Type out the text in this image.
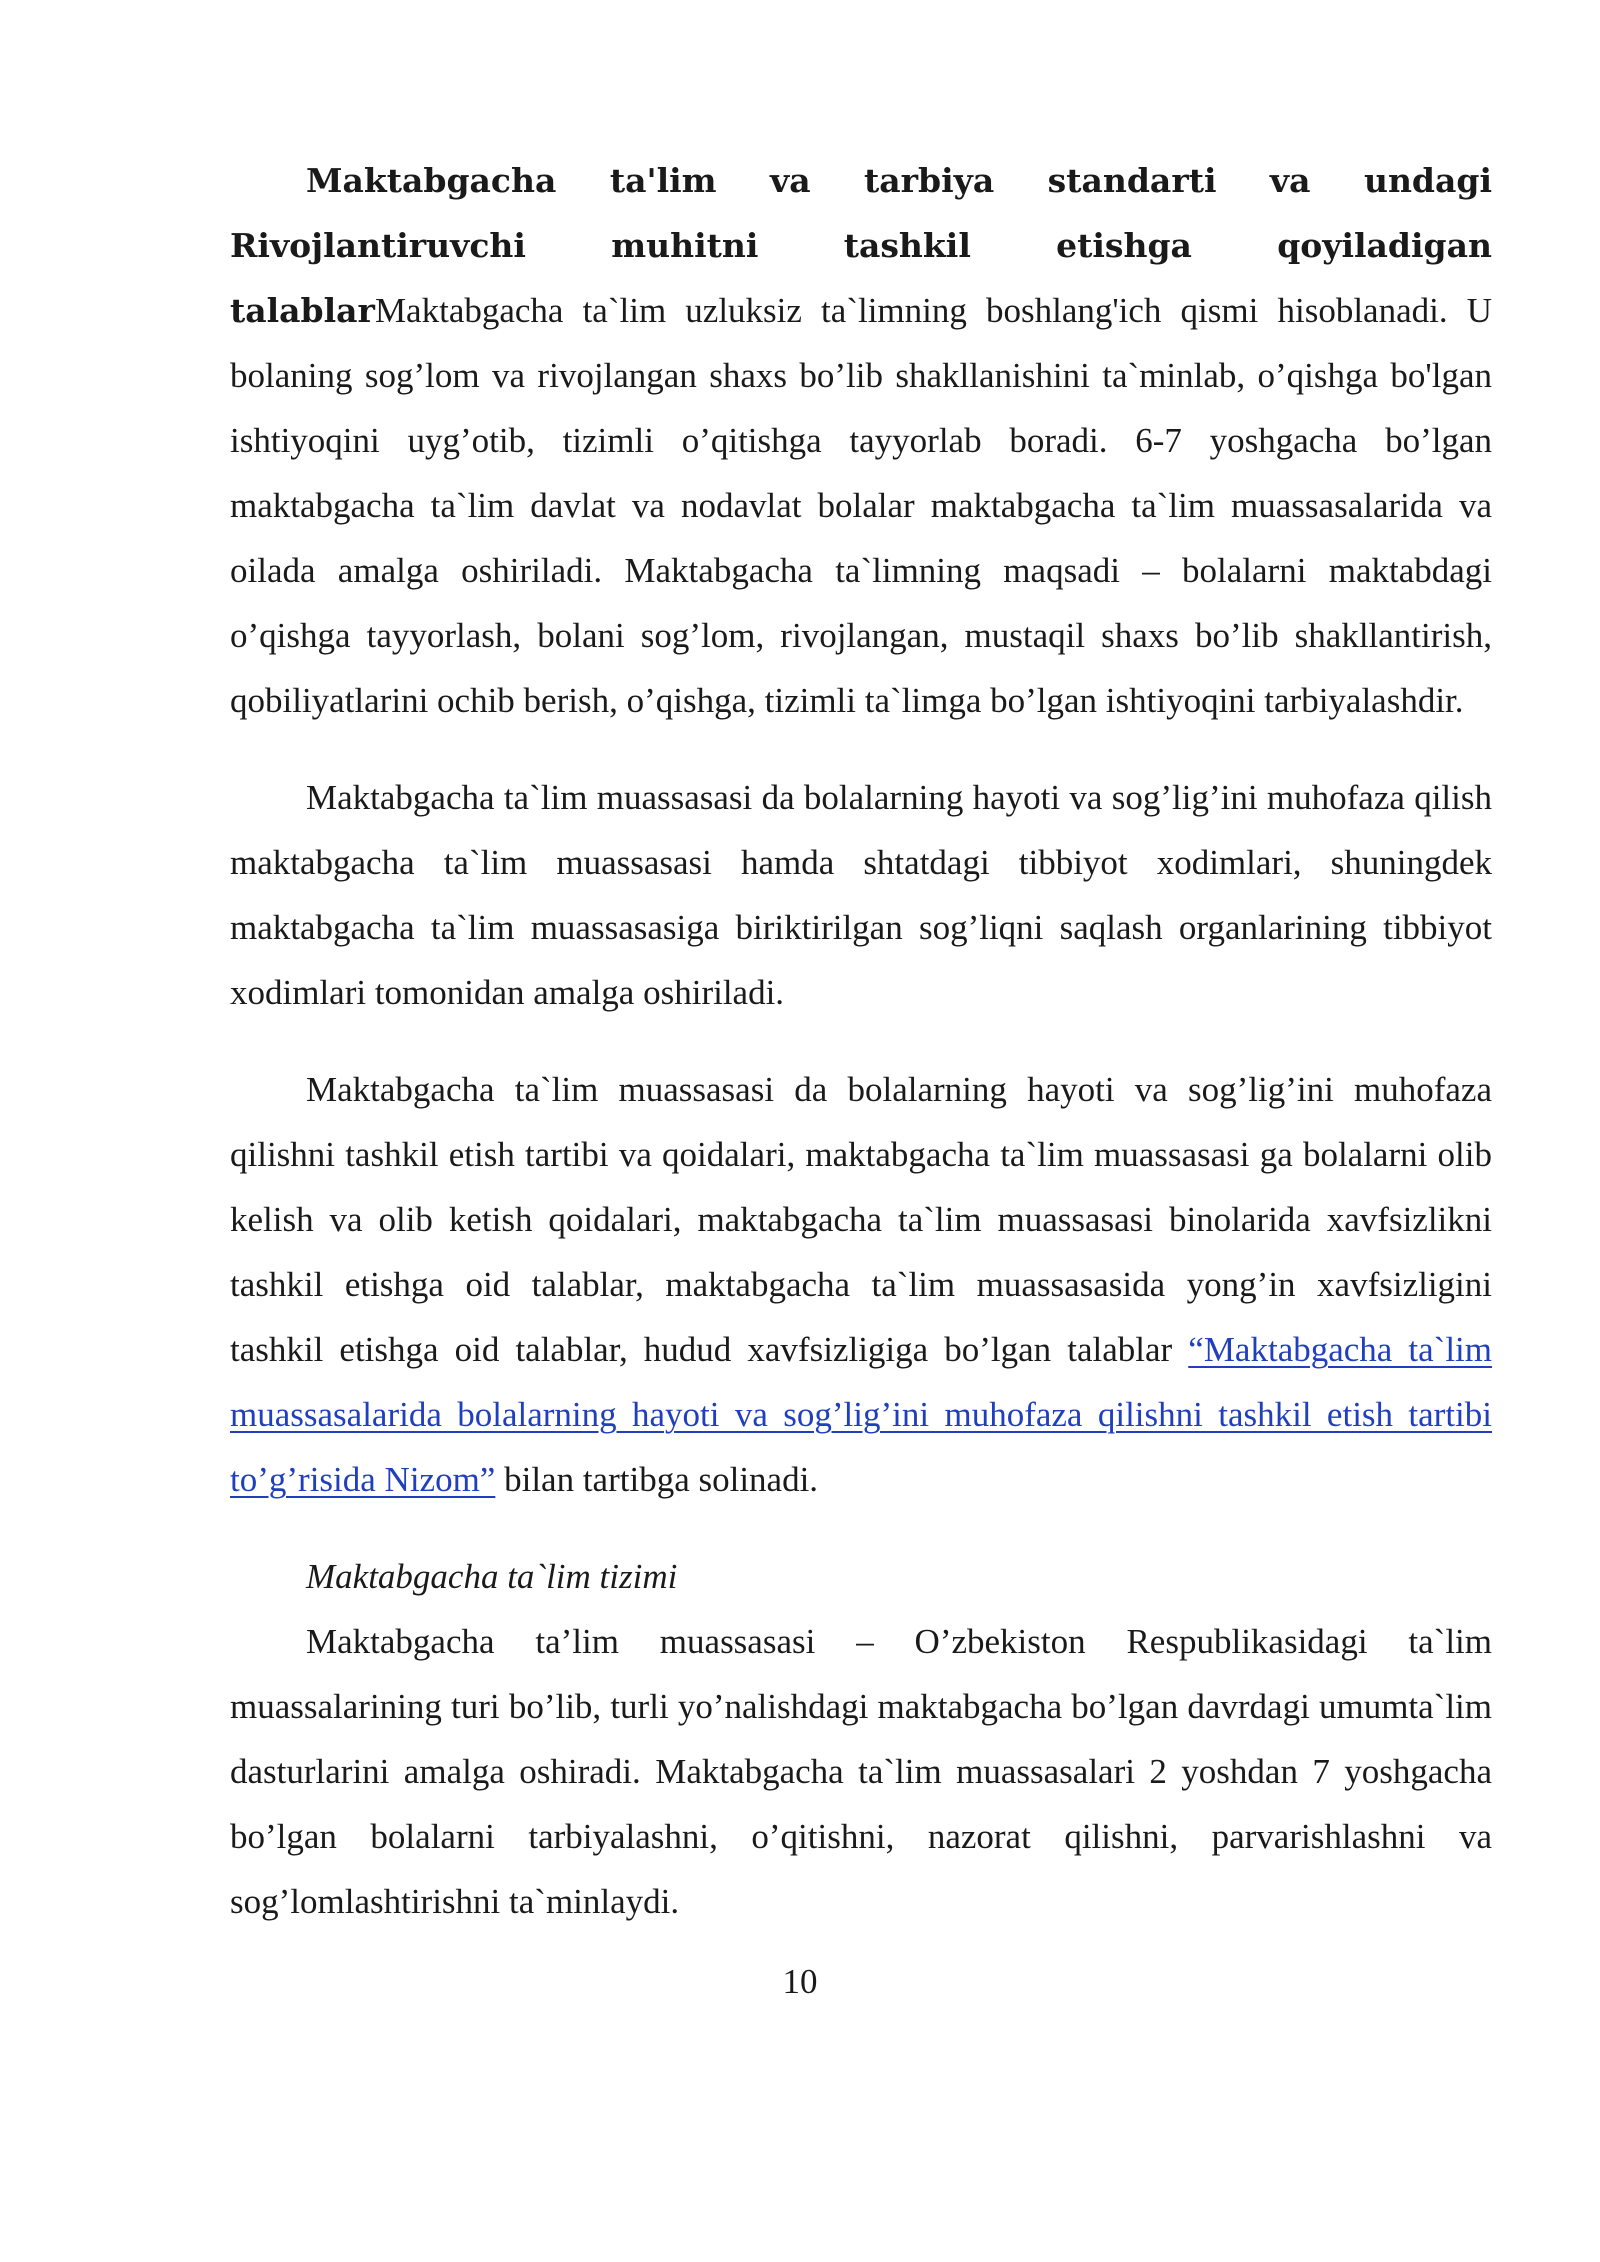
Maktabgacha ta'lim va tarbiya standarti va undagi Rivojlantiruvchi muhitni tashkil etishga qoyiladigan talablarMaktabgacha ta`lim uzluksiz ta`limning boshlang'ich qismi hisoblanadi. U bolaning sog’lom va rivojlangan shaxs bo’lib shakllanishini ta`minlab, o’qishga bo'lgan ishtiyoqini uyg’otib, tizimli o’qitishga tayyorlab boradi. 6-7 yoshgacha bo’lgan maktabgacha ta`lim davlat va nodavlat bolalar maktabgacha ta`lim muassasalarida va oilada amalga oshiriladi. Maktabgacha ta`limning maqsadi – bolalarni maktabdagi o’qishga tayyorlash, bolani sog’lom, rivojlangan, mustaqil shaxs bo’lib shakllantirish, qobiliyatlarini ochib berish, o’qishga, tizimli ta`limga bo’lgan ishtiyoqini tarbiyalashdir.

Maktabgacha ta`lim muassasasi da bolalarning hayoti va sog’lig’ini muhofaza qilish maktabgacha ta`lim muassasasi hamda shtatdagi tibbiyot xodimlari, shuningdek maktabgacha ta`lim muassasasiga biriktirilgan sog’liqni saqlash organlarining tibbiyot xodimlari tomonidan amalga oshiriladi.

Maktabgacha ta`lim muassasasi da bolalarning hayoti va sog’lig’ini muhofaza qilishni tashkil etish tartibi va qoidalari, maktabgacha ta`lim muassasasi ga bolalarni olib kelish va olib ketish qoidalari, maktabgacha ta`lim muassasasi binolarida xavfsizlikni tashkil etishga oid talablar, maktabgacha ta`lim muassasasida yong’in xavfsizligini tashkil etishga oid talablar, hudud xavfsizligiga bo’lgan talablar “Maktabgacha ta`lim muassasalarida bolalarning hayoti va sog’lig’ini muhofaza qilishni tashkil etish tartibi to’g’risida Nizom” bilan tartibga solinadi.

Maktabgacha ta`lim tizimi

Maktabgacha ta’lim muassasasi – O’zbekiston Respublikasidagi ta`lim muassalarining turi bo’lib, turli yo’nalishdagi maktabgacha bo’lgan davrdagi umumta`lim dasturlarini amalga oshiradi. Maktabgacha ta`lim muassasalari 2 yoshdan 7 yoshgacha bo’lgan bolalarni tarbiyalashni, o’qitishni, nazorat qilishni, parvarishlashni va sog’lomlashtirishni ta`minlaydi.

10
